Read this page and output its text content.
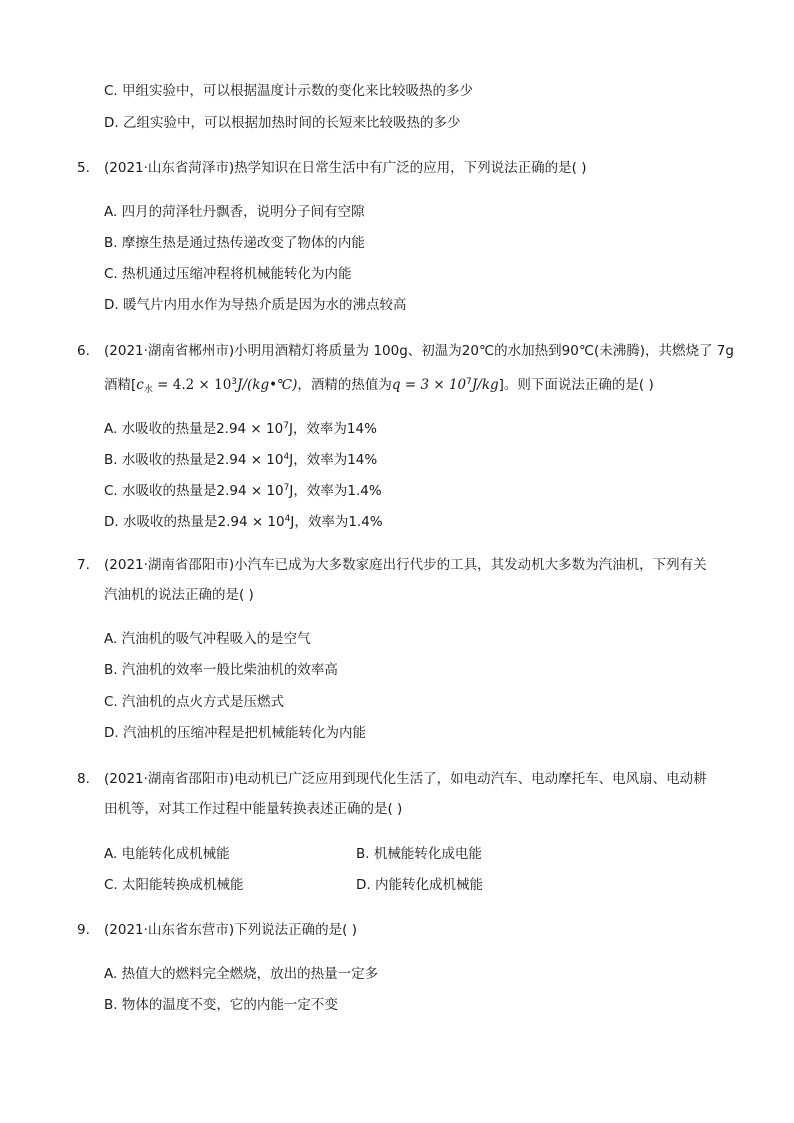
C. 甲组实验中，可以根据温度计示数的变化来比较吸热的多少
D. 乙组实验中，可以根据加热时间的长短来比较吸热的多少
5. (2021·山东省菏泽市)热学知识在日常生活中有广泛的应用，下列说法正确的是( )
A. 四月的菏泽牡丹飘香，说明分子间有空隙
B. 摩擦生热是通过热传递改变了物体的内能
C. 热机通过压缩冲程将机械能转化为内能
D. 暖气片内用水作为导热介质是因为水的沸点较高
6. (2021·湖南省郴州市)小明用酒精灯将质量为 100g、初温为20℃的水加热到90℃(未沸腾)，共燃烧了 7g
酒精[$c_水 = 4.2$ × $10^3J/(kg•℃)$，酒精的热值为$q = 3 \times 10^7J/kg$]。则下面说法正确的是( )
A. 水吸收的热量是$2.94 \times 10^7J$，效率为14%
B. 水吸收的热量是$2.94 \times 10^4J$，效率为14%
C. 水吸收的热量是$2.94 \times 10^7J$，效率为1.4%
D. 水吸收的热量是$2.94 \times 10^4J$，效率为1.4%
7. (2021·湖南省邵阳市)小汽车已成为大多数家庭出行代步的工具，其发动机大多数为汽油机，下列有关
汽油机的说法正确的是( )
A. 汽油机的吸气冲程吸入的是空气
B. 汽油机的效率一般比柴油机的效率高
C. 汽油机的点火方式是压燃式
D. 汽油机的压缩冲程是把机械能转化为内能
8. (2021·湖南省邵阳市)电动机已广泛应用到现代化生活了，如电动汽车、电动摩托车、电风扇、电动耕
田机等，对其工作过程中能量转换表述正确的是( )
A. 电能转化成机械能	B. 机械能转化成电能
C. 太阳能转换成机械能	D. 内能转化成机械能
9. (2021·山东省东营市)下列说法正确的是( )
A. 热值大的燃料完全燃烧，放出的热量一定多
B. 物体的温度不变，它的内能一定不变
